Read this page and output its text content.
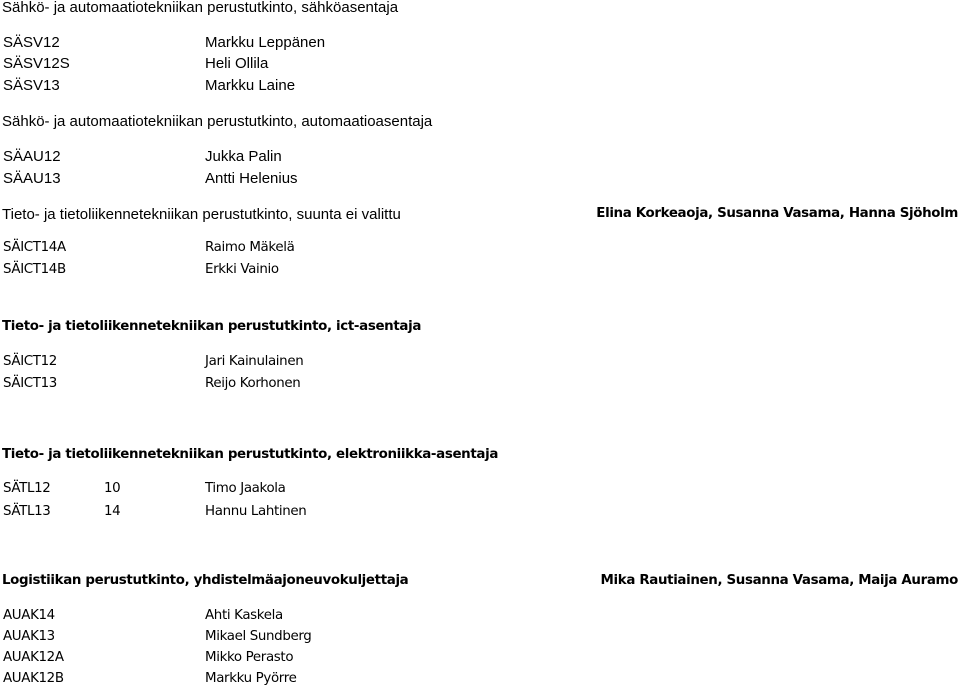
Sähkö- ja automaatiotekniikan perustutkinto, sähköasentaja
SÄSV12	Markku Leppänen
SÄSV12S	Heli Ollila
SÄSV13	Markku Laine
Sähkö- ja automaatiotekniikan perustutkinto, automaatioasentaja
SÄAU12	Jukka Palin
SÄAU13	Antti Helenius
Tieto- ja tietoliikennetekniikan perustutkinto, suunta ei valittu	Elina Korkeaoja, Susanna Vasama, Hanna Sjöholm
SÄICT14A	Raimo Mäkelä
SÄICT14B	Erkki Vainio
Tieto- ja tietoliikennetekniikan perustutkinto, ict-asentaja
SÄICT12	Jari Kainulainen
SÄICT13	Reijo Korhonen
Tieto- ja tietoliikennetekniikan perustutkinto, elektroniikka-asentaja
SÄTL12	10	Timo Jaakola
SÄTL13	14	Hannu Lahtinen
Logistiikan perustutkinto, yhdistelmäajoneuvokuljettaja	Mika Rautiainen, Susanna Vasama, Maija Auramo
AUAK14	Ahti Kaskela
AUAK13	Mikael Sundberg
AUAK12A	Mikko Perasto
AUAK12B	Markku Pyörre
